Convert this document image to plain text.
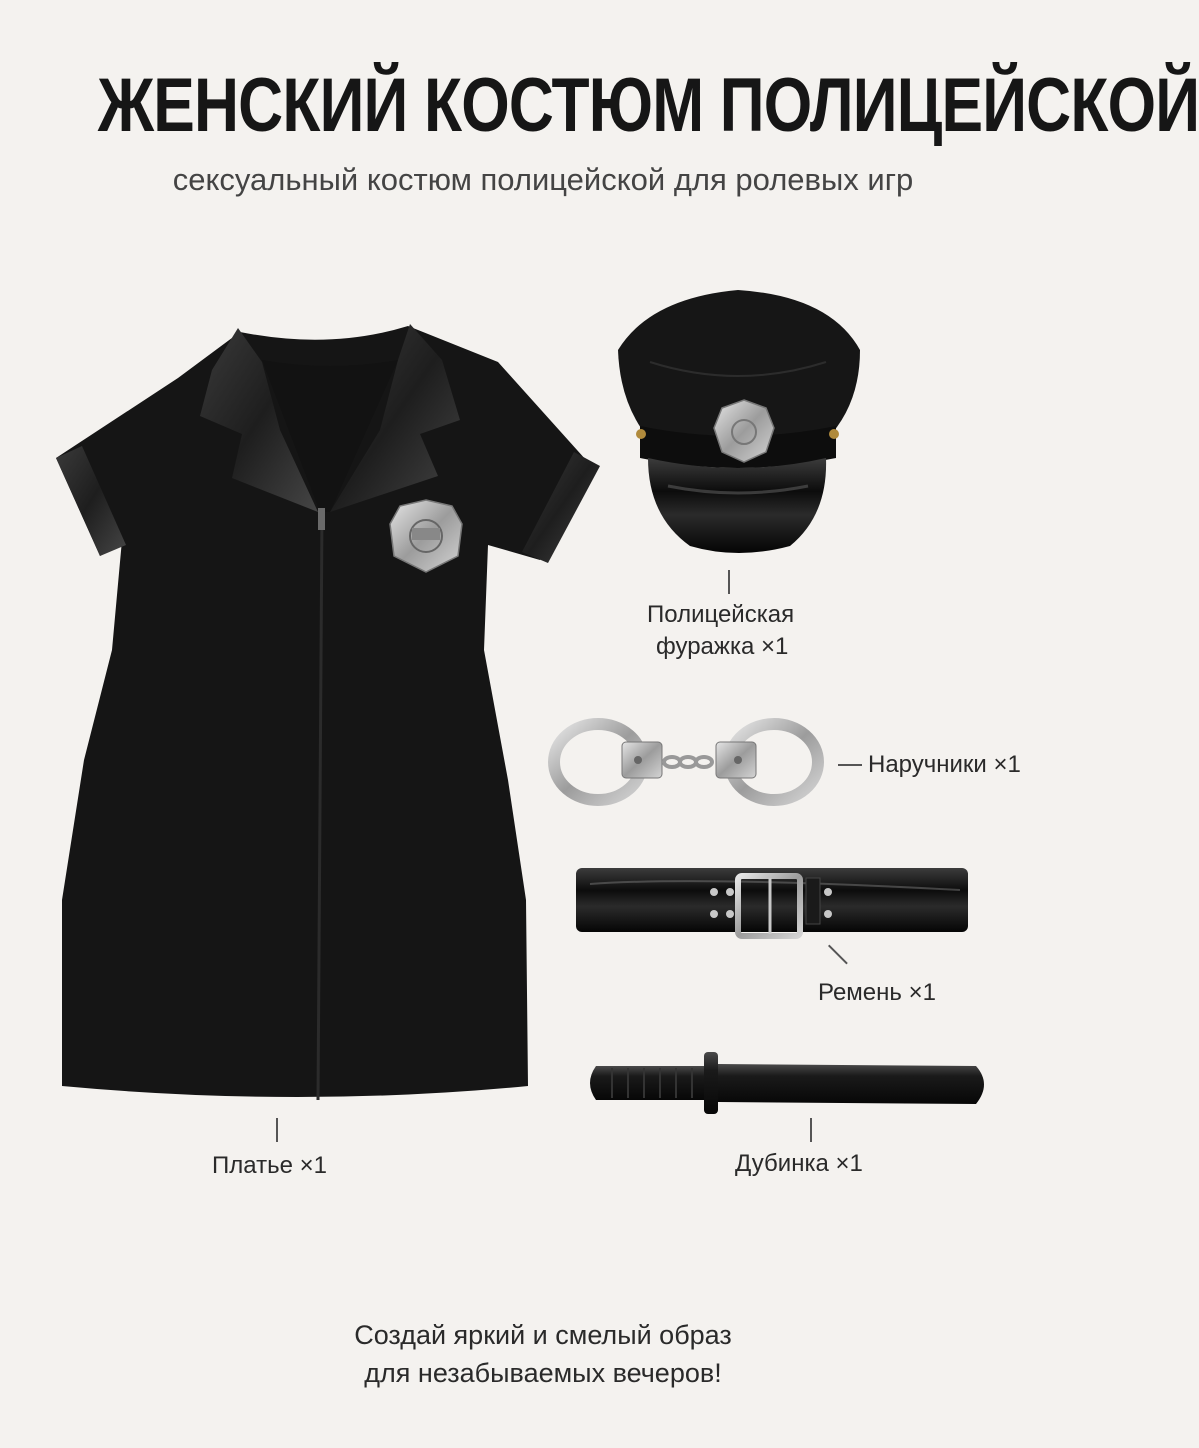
ЖЕНСКИЙ КОСТЮМ ПОЛИЦЕЙСКОЙ
сексуальный костюм полицейской для ролевых игр
Платье ×1
Полицейская
фуражка ×1
Наручники ×1
Ремень ×1
Дубинка ×1
Создай яркий и смелый образ
для незабываемых вечеров!
